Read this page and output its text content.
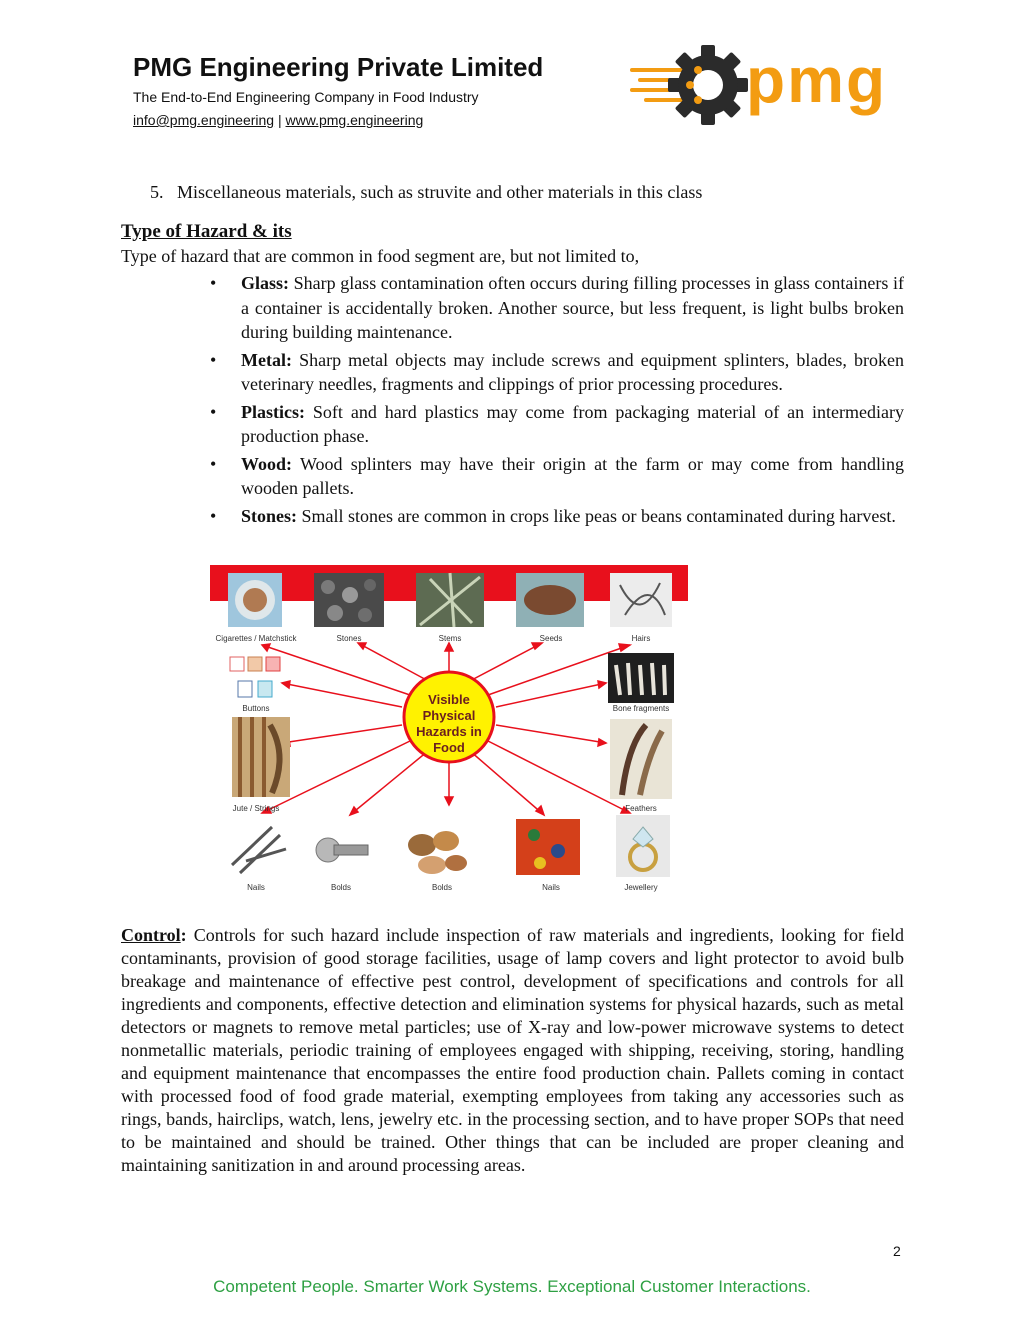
PMG Engineering Private Limited
The End-to-End Engineering Company in Food Industry
info@pmg.engineering | www.pmg.engineering
pmg
5. Miscellaneous materials, such as struvite and other materials in this class
Type of Hazard & its
Type of hazard that are common in food segment are, but not limited to,
• Glass: Sharp glass contamination often occurs during filling processes in glass containers if a container is accidentally broken. Another source, but less frequent, is light bulbs broken during building maintenance.
• Metal: Sharp metal objects may include screws and equipment splinters, blades, broken veterinary needles, fragments and clippings of prior processing procedures.
• Plastics: Soft and hard plastics may come from packaging material of an intermediary production phase.
• Wood: Wood splinters may have their origin at the farm or may come from handling wooden pallets.
• Stones: Small stones are common in crops like peas or beans contaminated during harvest.
Visible
Physical
Hazards in
Food
Cigarettes / Matchstick	Stones	Stems	Seeds	Hairs
Buttons
Jute / Strings
Bone fragments
Feathers
Nails	Bolds	Bolds	Nails	Jewellery

Control: Controls for such hazard include inspection of raw materials and ingredients, looking for field contaminants, provision of good storage facilities, usage of lamp covers and light protector to avoid bulb breakage and maintenance of effective pest control, development of specifications and controls for all ingredients and components, effective detection and elimination systems for physical hazards, such as metal detectors or magnets to remove metal particles; use of X-ray and low-power microwave systems to detect nonmetallic materials, periodic training of employees engaged with shipping, receiving, storing, handling and equipment maintenance that encompasses the entire food production chain. Pallets coming in contact with processed food of food grade material, exempting employees from taking any accessories such as rings, bands, hairclips, watch, lens, jewelry etc. in the processing section, and to have proper SOPs that need to be maintained and should be trained. Other things that can be included are proper cleaning and maintaining sanitization in and around processing areas.

2
Competent People. Smarter Work Systems. Exceptional Customer Interactions.
